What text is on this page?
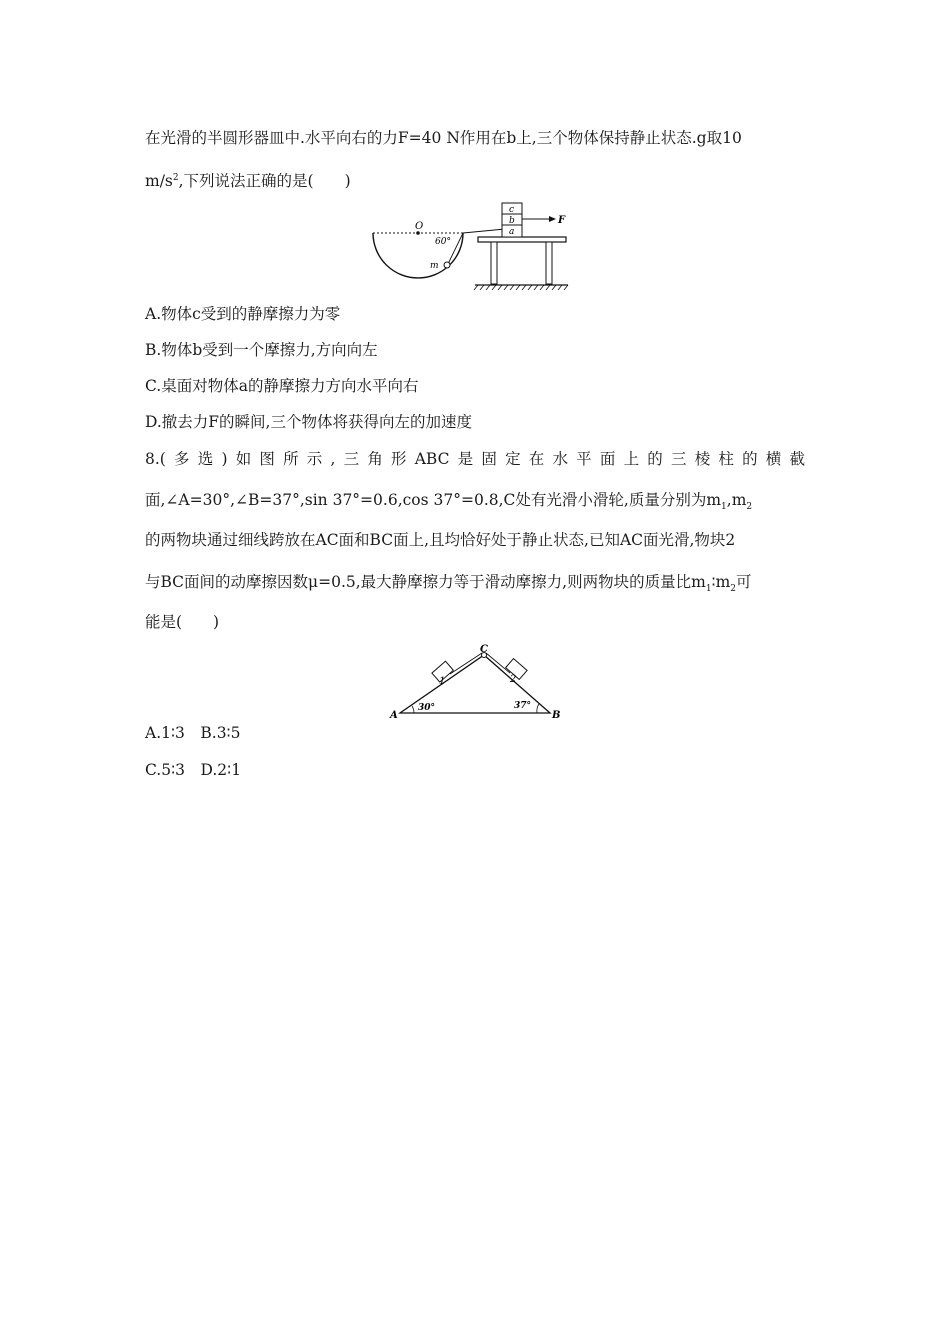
在光滑的半圆形器皿中.水平向右的力F=40 N作用在b上,三个物体保持静止状态.g取10
$m/s^2$,下列说法正确的是(　　)
O
60°
m
c
b
a
F
A.物体c受到的静摩擦力为零
B.物体b受到一个摩擦力,方向向左
C.桌面对物体a的静摩擦力方向水平向右
D.撤去力F的瞬间,三个物体将获得向左的加速度
8.(多选)如图所示,三角形ABC是固定在水平面上的三棱柱的横截
面,∠A=30°,∠B=37°,sin 37°=0.6,cos 37°=0.8,C处有光滑小滑轮,质量分别为$m_1,m_2$
的两物块通过细线跨放在AC面和BC面上,且均恰好处于静止状态,已知AC面光滑,物块2
与BC面间的动摩擦因数μ=0.5,最大静摩擦力等于滑动摩擦力,则两物块的质量比$m_1∶m_2$可
能是(　　)
1	2
C
A	B
30°	37°
A.1∶3　B.3∶5
C.5∶3　D.2∶1
